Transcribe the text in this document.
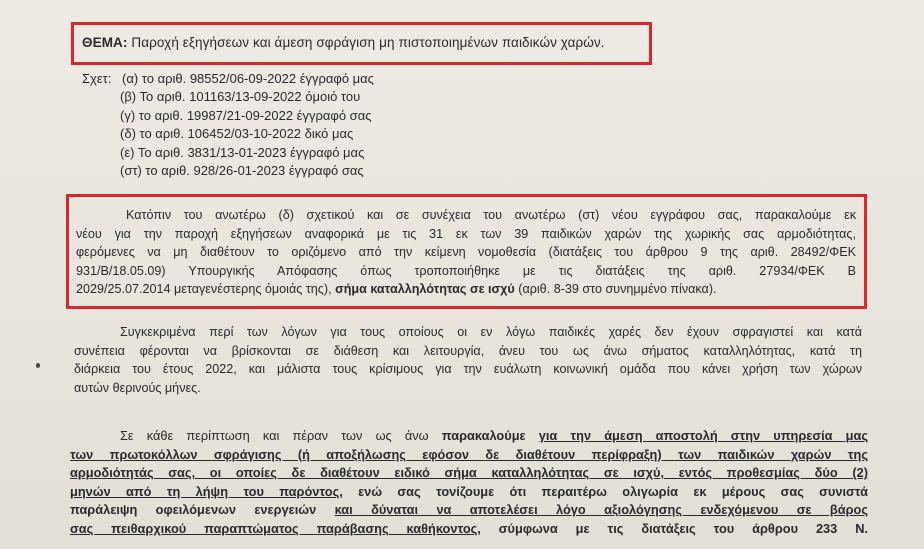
ΘΕΜΑ: Παροχή εξηγήσεων και άμεση σφράγιση μη πιστοποιημένων παιδικών χαρών.
Σχετ: (α) το αριθ. 98552/06-09-2022 έγγραφό μας
(β) Το αριθ. 101163/13-09-2022 όμοιό του
(γ) το αριθ. 19987/21-09-2022 έγγραφό σας
(δ) το αριθ. 106452/03-10-2022 δικό μας
(ε) Το αριθ. 3831/13-01-2023 έγγραφό μας
(στ) το αριθ. 928/26-01-2023 έγγραφό σας
Κατόπιν του ανωτέρω (δ) σχετικού και σε συνέχεια του ανωτέρω (στ) νέου εγγράφου σας, παρακαλούμε εκ
νέου για την παροχή εξηγήσεων αναφορικά με τις 31 εκ των 39 παιδικών χαρών της χωρικής σας αρμοδιότητας,
φερόμενες να μη διαθέτουν το οριζόμενο από την κείμενη νομοθεσία (διατάξεις του άρθρου 9 της αριθ. 28492/ΦΕΚ
931/Β/18.05.09) Υπουργικής Απόφασης όπως τροποποιήθηκε με τις διατάξεις της αριθ. 27934/ΦΕΚ Β
2029/25.07.2014 μεταγενέστερης όμοιάς της), σήμα καταλληλότητας σε ισχύ (αριθ. 8-39 στο συνημμένο πίνακα).
Συγκεκριμένα περί των λόγων για τους οποίους οι εν λόγω παιδικές χαρές δεν έχουν σφραγιστεί και κατά
συνέπεια φέρονται να βρίσκονται σε διάθεση και λειτουργία, άνευ του ως άνω σήματος καταλληλότητας, κατά τη
διάρκεια του έτους 2022, και μάλιστα τους κρίσιμους για την ευάλωτη κοινωνική ομάδα που κάνει χρήση των χώρων
αυτών θερινούς μήνες.
Σε κάθε περίπτωση και πέραν των ως άνω παρακαλούμε για την άμεση αποστολή στην υπηρεσία μας
των πρωτοκόλλων σφράγισης (ή αποξήλωσης εφόσον δε διαθέτουν περίφραξη) των παιδικών χαρών της
αρμοδιότητάς σας, οι οποίες δε διαθέτουν ειδικό σήμα καταλληλότητας σε ισχύ, εντός προθεσμίας δύο (2)
μηνών από τη λήψη του παρόντος, ενώ σας τονίζουμε ότι περαιτέρω ολιγωρία εκ μέρους σας συνιστά
παράλειψη οφειλόμενων ενεργειών και δύναται να αποτελέσει λόγο αξιολόγησης ενδεχόμενου σε βάρος
σας πειθαρχικού παραπτώματος παράβασης καθήκοντος, σύμφωνα με τις διατάξεις του άρθρου 233 Ν.
